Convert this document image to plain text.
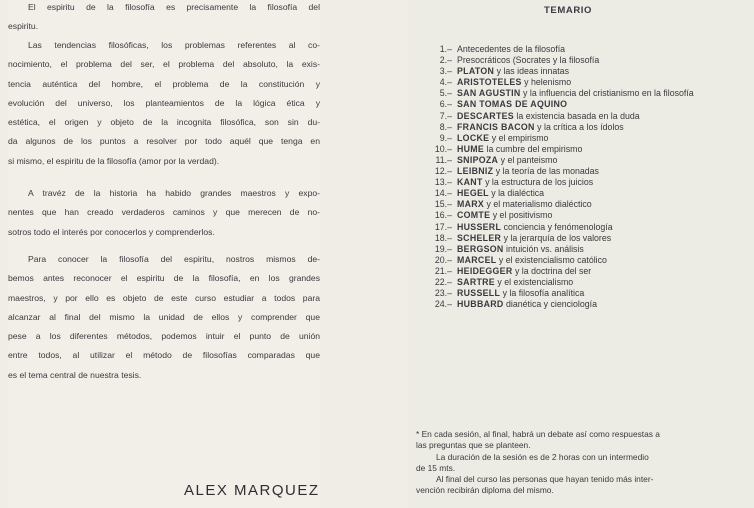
El espiritu de la filosofía es precisamente la filosofía del
espiritu.
Las tendencias filosóficas, los problemas referentes al co-
nocimiento, el problema del ser, el problema del absoluto, la exis-
tencia auténtica del hombre, el problema de la constitución y
evolución del universo, los planteamientos de la lógica ética y
estética, el origen y objeto de la incognita filosófica, son sin du-
da algunos de los puntos a resolver por todo aquél que tenga en
si mismo, el espiritu de la filosofía (amor por la verdad).
A travéz de la historia ha habido grandes maestros y expo-
nentes que han creado verdaderos caminos y que merecen de no-
sotros todo el interés por conocerlos y comprenderlos.
Para conocer la filosofía del espiritu, nostros mismos de-
bemos antes reconocer el espiritu de la filosofía, en los grandes
maestros, y por ello es objeto de este curso estudiar a todos para
alcanzar al final del mismo la unidad de ellos y comprender que
pese a los diferentes métodos, podemos intuir el punto de unión
entre todos, al utilizar el método de filosofías comparadas que
es el tema central de nuestra tesis.
ALEX MARQUEZ
TEMARIO
1.– Antecedentes de la filosofía
2.– Presocráticos (Socrates y la filosofía
3.– PLATON y las ideas innatas
4.– ARISTOTELES y helenismo
5.– SAN AGUSTIN y la influencia del cristianismo en la filosofía
6.– SAN TOMAS DE AQUINO
7.– DESCARTES la existencia basada en la duda
8.– FRANCIS BACON y la crítica a los ídolos
9.– LOCKE y el empirismo
10.– HUME la cumbre del empirismo
11.– SNIPOZA y el panteismo
12.– LEIBNIZ y la teoría de las monadas
13.– KANT y la estructura de los juicios
14.– HEGEL y la dialéctica
15.– MARX y el materialismo dialéctico
16.– COMTE y el positivismo
17.– HUSSERL conciencia y fenómenología
18.– SCHELER y la jerarquía de los valores
19.– BERGSON intuición vs. análisis
20.– MARCEL y el existencialismo católico
21.– HEIDEGGER y la doctrina del ser
22.– SARTRE y el existencialismo
23.– RUSSELL y la filosofía analítica
24.– HUBBARD dianética y cienciología

* En cada sesión, al final, habrá un debate así como respuestas a

las preguntas que se planteen.

La duración de la sesión es de 2 horas con un intermedio

de 15 mts.

Al final del curso las personas que hayan tenido más inter-

vención recibirán diploma del mismo.
